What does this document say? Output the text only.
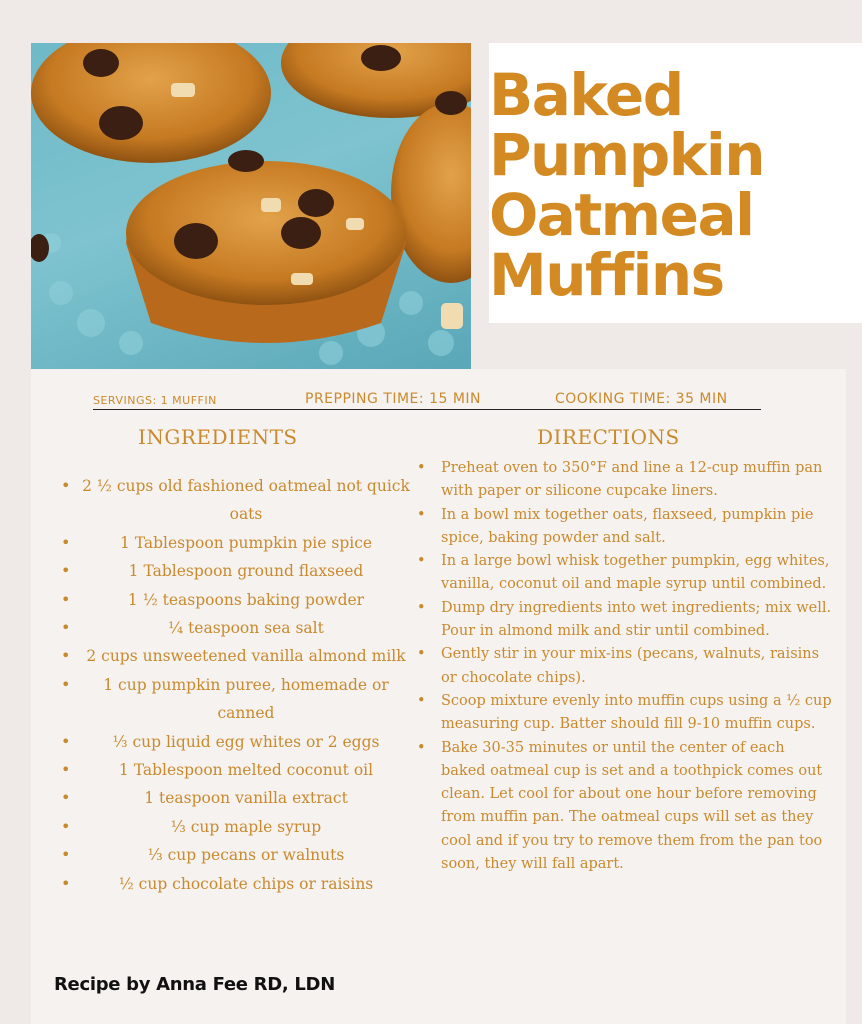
Baked
Pumpkin
Oatmeal
Muffins
SERVINGS: 1 MUFFIN	PREPPING TIME: 15 MIN	COOKING TIME: 35 MIN
INGREDIENTS	DIRECTIONS
• 2 ½ cups old fashioned oatmeal not quick oats
•	1 Tablespoon pumpkin pie spice
•	1 Tablespoon ground flaxseed
•	1 ½ teaspoons baking powder
•	¼ teaspoon sea salt
• 2 cups unsweetened vanilla almond milk
• 1 cup pumpkin puree, homemade or canned
•	⅓ cup liquid egg whites or 2 eggs
•	1 Tablespoon melted coconut oil
•	1 teaspoon vanilla extract
•	⅓ cup maple syrup
•	⅓ cup pecans or walnuts
•	½ cup chocolate chips or raisins
• Preheat oven to 350°F and line a 12-cup muffin pan with paper or silicone cupcake liners.
• In a bowl mix together oats, flaxseed, pumpkin pie spice, baking powder and salt.
• In a large bowl whisk together pumpkin, egg whites, vanilla, coconut oil and maple syrup until combined.
• Dump dry ingredients into wet ingredients; mix well. Pour in almond milk and stir until combined.
• Gently stir in your mix-ins (pecans, walnuts, raisins or chocolate chips).
• Scoop mixture evenly into muffin cups using a ½ cup measuring cup. Batter should fill 9-10 muffin cups.
• Bake 30-35 minutes or until the center of each baked oatmeal cup is set and a toothpick comes out clean. Let cool for about one hour before removing from muffin pan. The oatmeal cups will set as they cool and if you try to remove them from the pan too soon, they will fall apart.
Recipe by Anna Fee RD, LDN
